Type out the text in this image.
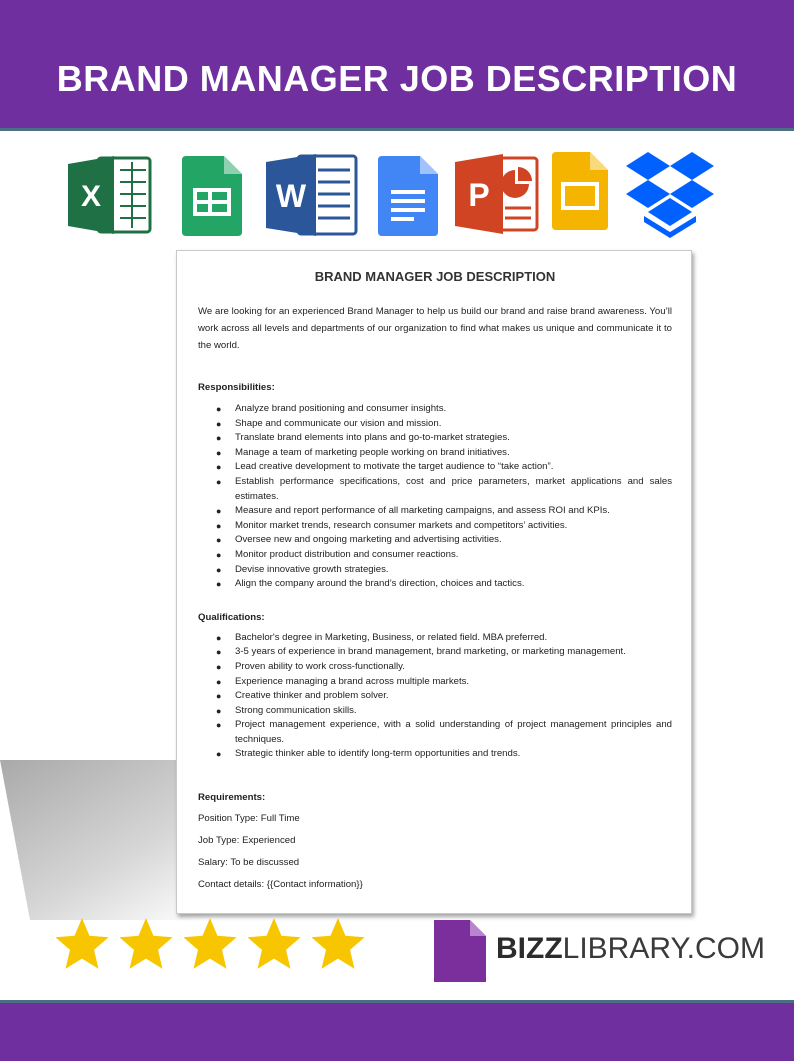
BRAND MANAGER JOB DESCRIPTION
X	W	P
BRAND MANAGER JOB DESCRIPTION

We are looking for an experienced Brand Manager to help us build our brand and raise brand awareness. You’ll work across all levels and departments of our organization to find what makes us unique and communicate it to the world.

Responsibilities:

● Analyze brand positioning and consumer insights.
● Shape and communicate our vision and mission.
● Translate brand elements into plans and go-to-market strategies.
● Manage a team of marketing people working on brand initiatives.
● Lead creative development to motivate the target audience to “take action”.
● Establish performance specifications, cost and price parameters, market applications and sales estimates.
● Measure and report performance of all marketing campaigns, and assess ROI and KPIs.
● Monitor market trends, research consumer markets and competitors’ activities.
● Oversee new and ongoing marketing and advertising activities.
● Monitor product distribution and consumer reactions.
● Devise innovative growth strategies.
● Align the company around the brand’s direction, choices and tactics.

Qualifications:

● Bachelor's degree in Marketing, Business, or related field. MBA preferred.
● 3-5 years of experience in brand management, brand marketing, or marketing management.
● Proven ability to work cross-functionally.
● Experience managing a brand across multiple markets.
● Creative thinker and problem solver.
● Strong communication skills.
● Project management experience, with a solid understanding of project management principles and techniques.
● Strategic thinker able to identify long-term opportunities and trends.

Requirements:

Position Type: Full Time

Job Type: Experienced

Salary: To be discussed

Contact details: {{Contact information}}

BIZZLIBRARY.COM
